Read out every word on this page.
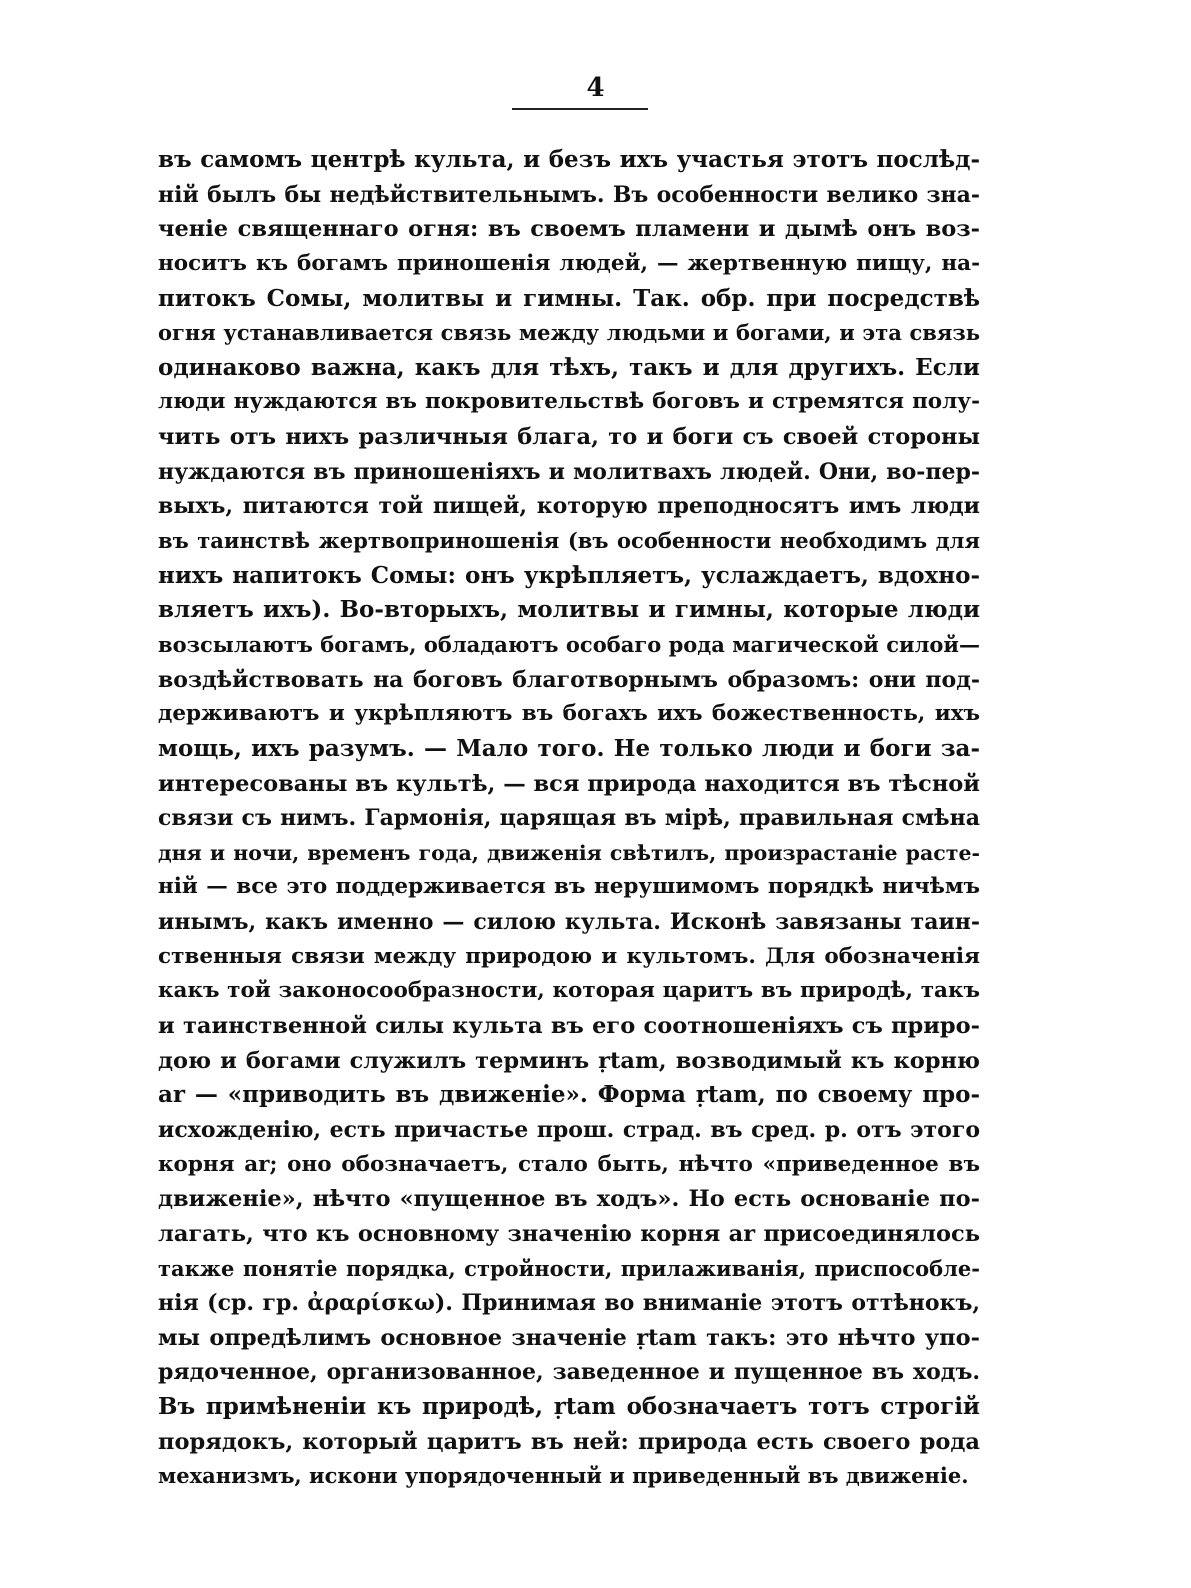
4
въ самомъ центрѣ культа, и безъ ихъ участья этотъ послѣд-
ній былъ бы недѣйствительнымъ. Въ особенности велико зна-
ченіе священнаго огня: въ своемъ пламени и дымѣ онъ воз-
носитъ къ богамъ приношенія людей, — жертвенную пищу, на-
питокъ Сомы, молитвы и гимны. Так. обр. при посредствѣ
огня устанавливается связь между людьми и богами, и эта связь
одинаково важна, какъ для тѣхъ, такъ и для другихъ. Если
люди нуждаются въ покровительствѣ боговъ и стремятся полу-
чить отъ нихъ различныя блага, то и боги съ своей стороны
нуждаются въ приношеніяхъ и молитвахъ людей. Они, во-пер-
выхъ, питаются той пищей, которую преподносятъ имъ люди
въ таинствѣ жертвоприношенія (въ особенности необходимъ для
нихъ напитокъ Сомы: онъ укрѣпляетъ, услаждаетъ, вдохно-
вляетъ ихъ). Во-вторыхъ, молитвы и гимны, которые люди
возсылаютъ богамъ, обладаютъ особаго рода магической силой—
воздѣйствовать на боговъ благотворнымъ образомъ: они под-
держиваютъ и укрѣпляютъ въ богахъ ихъ божественность, ихъ
мощь, ихъ разумъ. — Мало того. Не только люди и боги за-
интересованы въ культѣ, — вся природа находится въ тѣсной
связи съ нимъ. Гармонія, царящая въ мірѣ, правильная смѣна
дня и ночи, временъ года, движенія свѣтилъ, произрастаніе расте-
ній — все это поддерживается въ нерушимомъ порядкѣ ничѣмъ
инымъ, какъ именно — силою культа. Исконѣ завязаны таин-
ственныя связи между природою и культомъ. Для обозначенія
какъ той законосообразности, которая царитъ въ природѣ, такъ
и таинственной силы культа въ его соотношеніяхъ съ приро-
дою и богами служилъ терминъ ṛtam, возводимый къ корню
ar — «приводить въ движеніе». Форма ṛtam, по своему про-
исхожденію, есть причастье прош. страд. въ сред. р. отъ этого
корня ar; оно обозначаетъ, стало быть, нѣчто «приведенное въ
движеніе», нѣчто «пущенное въ ходъ». Но есть основаніе по-
лагать, что къ основному значенію корня ar присоединялось
также понятіе порядка, стройности, прилаживанія, приспособле-
нія (ср. гр. ἀραρίσκω). Принимая во вниманіе этотъ оттѣнокъ,
мы опредѣлимъ основное значеніе ṛtam такъ: это нѣчто упо-
рядоченное, организованное, заведенное и пущенное въ ходъ.
Въ примѣненіи къ природѣ, ṛtam обозначаетъ тотъ строгій
порядокъ, который царитъ въ ней: природа есть своего рода
механизмъ, искони упорядоченный и приведенный въ движеніе.
